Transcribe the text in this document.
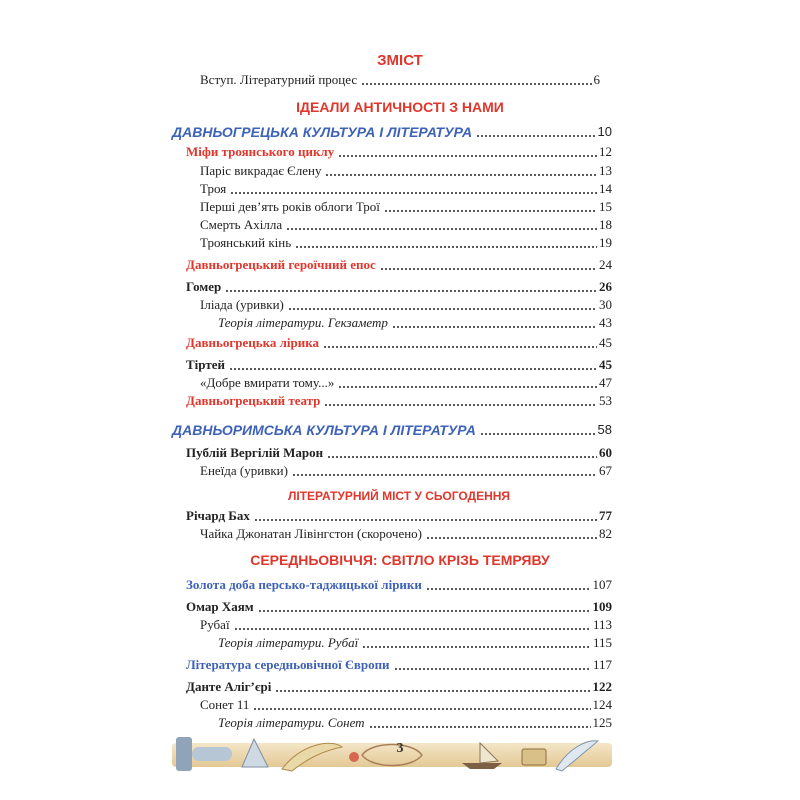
ЗМІСТ
Вступ. Літературний процес	6
ІДЕАЛИ АНТИЧНОСТІ З НАМИ
ДАВНЬОГРЕЦЬКА КУЛЬТУРА І ЛІТЕРАТУРА	10
Міфи троянського циклу	12
Паріс викрадає Єлену	13
Троя	14
Перші дев’ять років облоги Трої	15
Смерть Ахілла	18
Троянський кінь	19
Давньогрецький героїчний епос	24
Гомер	26
Іліада (уривки)	30
Теорія літератури. Гекзаметр	43
Давньогрецька лірика	45
Тіртей	45
«Добре вмирати тому...»	47
Давньогрецький театр	53
ДАВНЬОРИМСЬКА КУЛЬТУРА І ЛІТЕРАТУРА	58
Публій Вергілій Марон	60
Енеїда (уривки)	67
ЛІТЕРАТУРНИЙ МІСТ У СЬОГОДЕННЯ
Річард Бах	77
Чайка Джонатан Лівінгстон (скорочено)	82
СЕРЕДНЬОВІЧЧЯ: СВІТЛО КРІЗЬ ТЕМРЯВУ
Золота доба персько-таджицької лірики	107
Омар Хаям	109
Рубаї	113
Теорія літератури. Рубаї	115
Література середньовічної Європи	117
Данте Аліг’єрі	122
Сонет 11	124
Теорія літератури. Сонет	125
3
